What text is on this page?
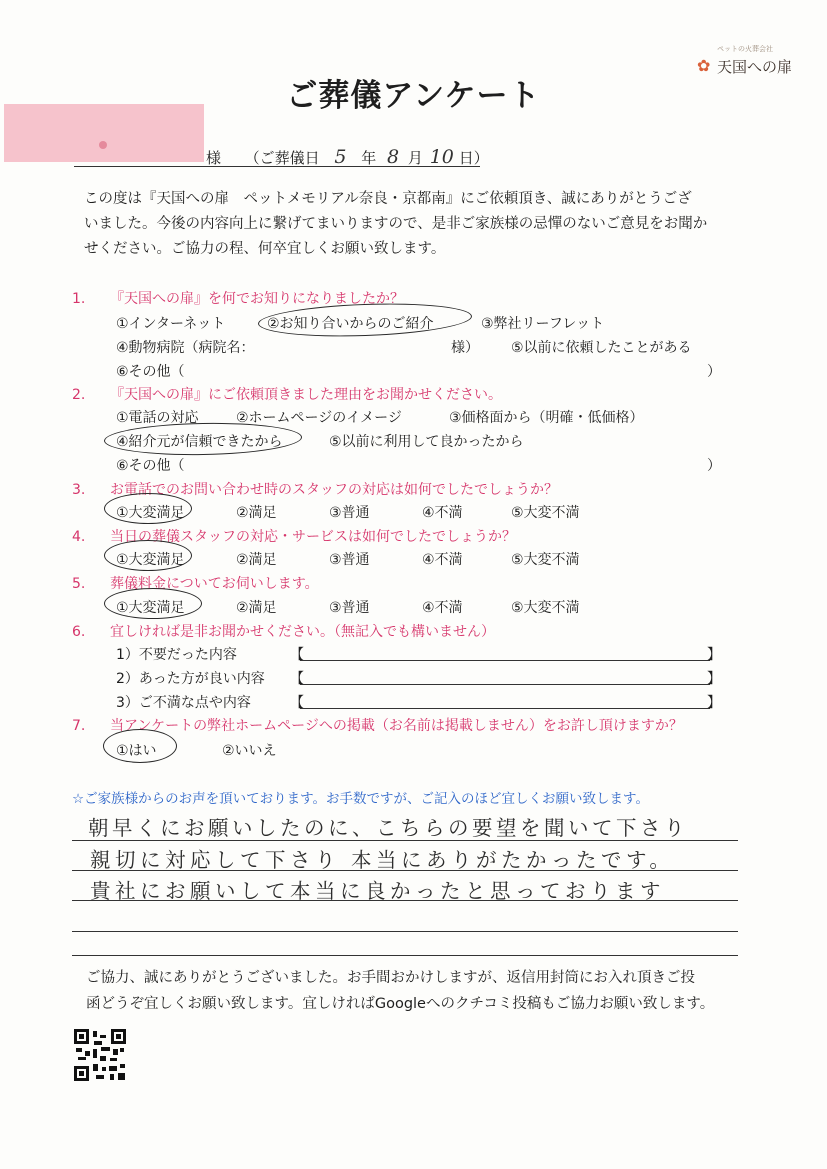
ペットの火葬会社
✿ 天国への扉
ご葬儀アンケート
様 （ご葬儀日 5 年 8 月 10 日）

この度は『天国への扉　ペットメモリアル奈良・京都南』にご依頼頂き、誠にありがとうござ

いました。今後の内容向上に繋げてまいりますので、是非ご家族様の忌憚のないご意見をお聞か

せください。ご協力の程、何卒宜しくお願い致します。

1. 『天国への扉』を何でお知りになりましたか？
①インターネット	②お知り合いからのご紹介	③弊社リーフレット
④動物病院（病院名：	様） ⑤以前に依頼したことがある
⑥その他（	）
2. 『天国への扉』にご依頼頂きました理由をお聞かせください。
①電話の対応	②ホームページのイメージ	③価格面から（明確・低価格）
④紹介元が信頼できたから	⑤以前に利用して良かったから
⑥その他（	）
3. お電話でのお問い合わせ時のスタッフの対応は如何でしたでしょうか？
①大変満足	②満足	③普通	④不満	⑤大変不満
4. 当日の葬儀スタッフの対応・サービスは如何でしたでしょうか？
①大変満足	②満足	③普通	④不満	⑤大変不満
5. 葬儀料金についてお伺いします。
①大変満足	②満足	③普通	④不満	⑤大変不満
6. 宜しければ是非お聞かせください。（無記入でも構いません）
1）不要だった内容	【	】
2）あった方が良い内容 【	】
3）ご不満な点や内容	【	】
7. 当アンケートの弊社ホームページへの掲載（お名前は掲載しません）をお許し頂けますか？
①はい	②いいえ
☆ご家族様からのお声を頂いております。お手数ですが、ご記入のほど宜しくお願い致します。
朝早くにお願いしたのに、こちらの要望を聞いて下さり
親切に対応して下さり 本当にありがたかったです。
貴社にお願いして本当に良かったと思っております

ご協力、誠にありがとうございました。お手間おかけしますが、返信用封筒にお入れ頂きご投

函どうぞ宜しくお願い致します。宜しければGoogleへのクチコミ投稿もご協力お願い致します。
